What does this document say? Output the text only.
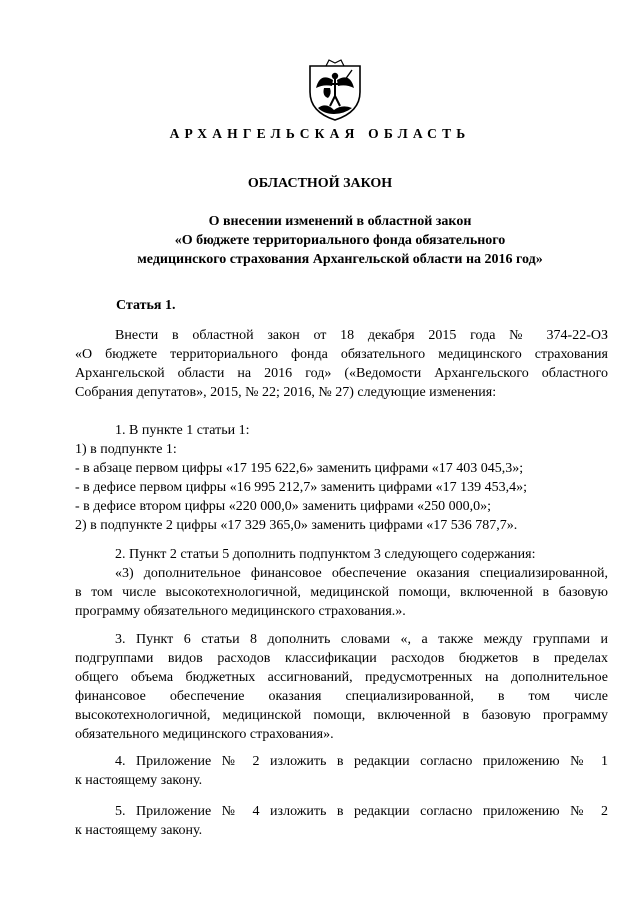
АРХАНГЕЛЬСКАЯ ОБЛАСТЬ
ОБЛАСТНОЙ ЗАКОН
О внесении изменений в областной закон
«О бюджете территориального фонда обязательного
медицинского страхования Архангельской области на 2016 год»
Статья 1.
Внести в областной закон от 18 декабря 2015 года № 374-22-ОЗ
«О бюджете территориального фонда обязательного медицинского страхования
Архангельской области на 2016 год» («Ведомости Архангельского областного
Собрания депутатов», 2015, № 22; 2016, № 27) следующие изменения:
1. В пункте 1 статьи 1:
1) в подпункте 1:
- в абзаце первом цифры «17 195 622,6» заменить цифрами «17 403 045,3»;
- в дефисе первом цифры «16 995 212,7» заменить цифрами «17 139 453,4»;
- в дефисе втором цифры «220 000,0» заменить цифрами «250 000,0»;
2) в подпункте 2 цифры «17 329 365,0» заменить цифрами «17 536 787,7».
2. Пункт 2 статьи 5 дополнить подпунктом 3 следующего содержания:
«3) дополнительное финансовое обеспечение оказания специализированной,
в том числе высокотехнологичной, медицинской помощи, включенной в базовую
программу обязательного медицинского страхования.».
3. Пункт 6 статьи 8 дополнить словами «, а также между группами и
подгруппами видов расходов классификации расходов бюджетов в пределах
общего объема бюджетных ассигнований, предусмотренных на дополнительное
финансовое обеспечение оказания специализированной, в том числе
высокотехнологичной, медицинской помощи, включенной в базовую программу
обязательного медицинского страхования».
4. Приложение № 2 изложить в редакции согласно приложению № 1
к настоящему закону.
5. Приложение № 4 изложить в редакции согласно приложению № 2
к настоящему закону.
